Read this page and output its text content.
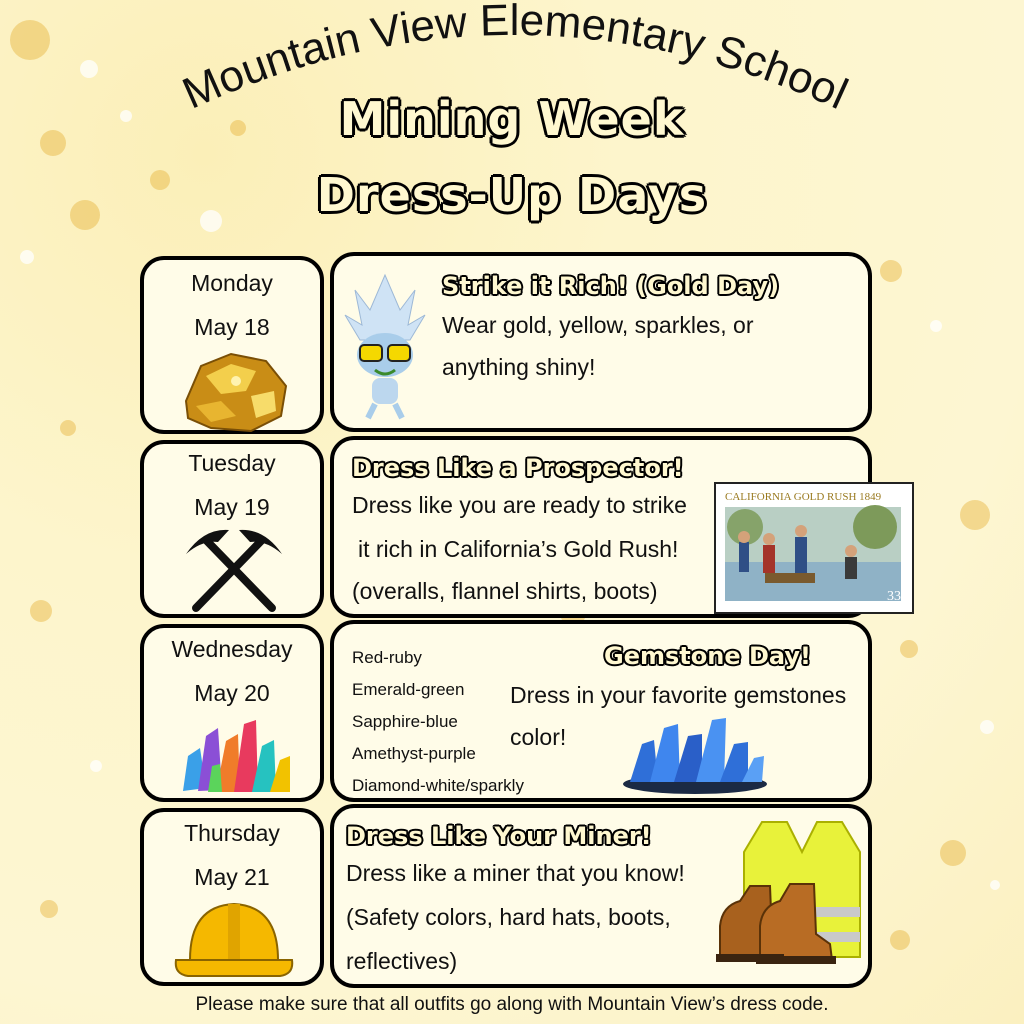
Mountain View Elementary School
Mining Week
Dress-Up Days
Monday
May 18
Strike it Rich! (Gold Day)
Wear gold, yellow, sparkles, or
anything shiny!
Tuesday
May 19
Dress Like a Prospector!
Dress like you are ready to strike
it rich in California’s Gold Rush!
(overalls, flannel shirts, boots)
CALIFORNIA GOLD RUSH 1849
33
Wednesday
May 20
Red-ruby
Emerald-green
Sapphire-blue
Amethyst-purple
Diamond-white/sparkly
Gemstone Day!
Dress in your favorite gemstones
color!
Thursday
May 21
Dress Like Your Miner!
Dress like a miner that you know!
(Safety colors, hard hats, boots,
reflectives)
Please make sure that all outfits go along with Mountain View’s dress code.
